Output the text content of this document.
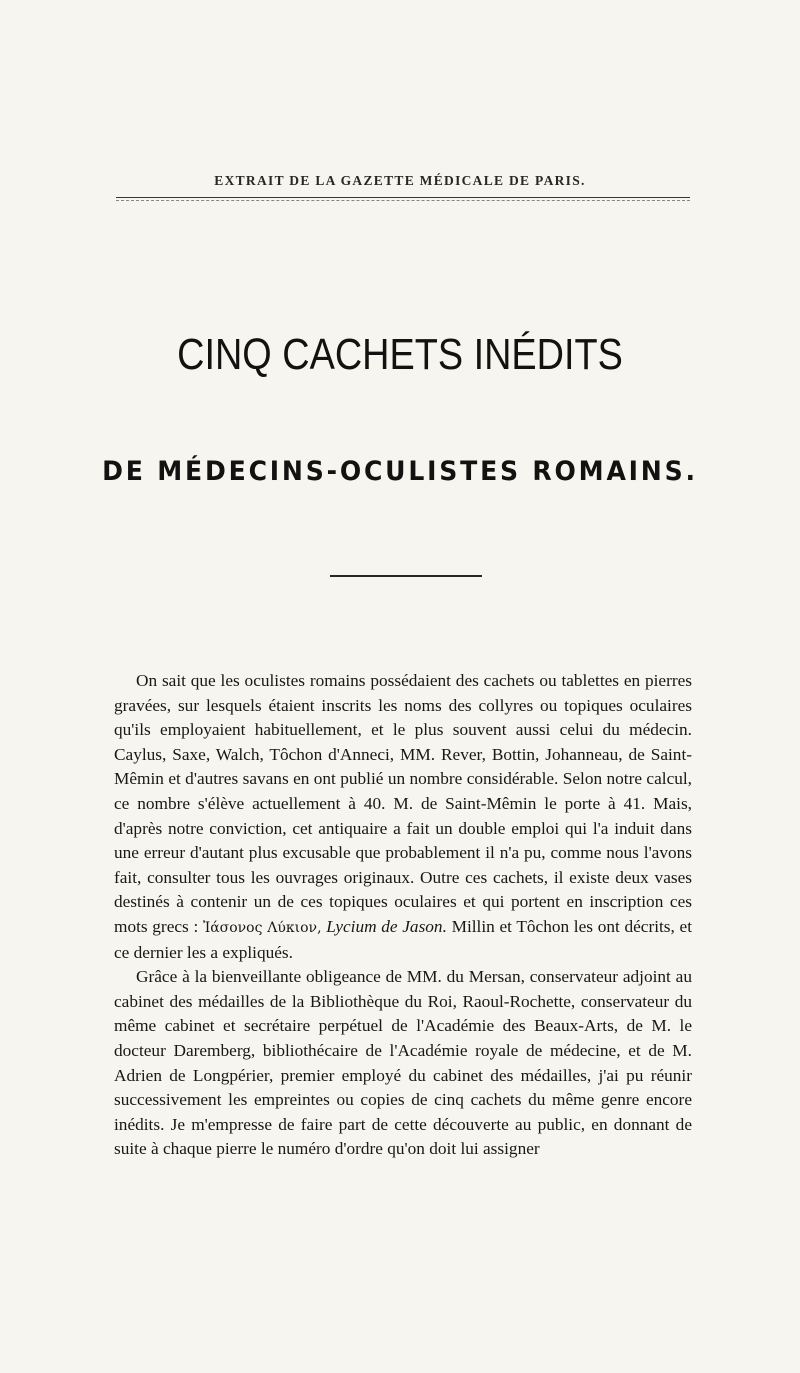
EXTRAIT DE LA GAZETTE MÉDICALE DE PARIS.
CINQ CACHETS INÉDITS
DE MÉDECINS-OCULISTES ROMAINS.

On sait que les oculistes romains possédaient des cachets ou tablettes en pierres gravées, sur lesquels étaient inscrits les noms des collyres ou topiques oculaires qu'ils employaient habituellement, et le plus souvent aussi celui du médecin. Caylus, Saxe, Walch, Tôchon d'Anneci, MM. Rever, Bottin, Johanneau, de Saint-Mêmin et d'autres savans en ont publié un nombre considérable. Selon notre calcul, ce nombre s'élève actuellement à 40. M. de Saint-Mêmin le porte à 41. Mais, d'après notre conviction, cet antiquaire a fait un double emploi qui l'a induit dans une erreur d'autant plus excusable que probablement il n'a pu, comme nous l'avons fait, consulter tous les ouvrages originaux. Outre ces cachets, il existe deux vases destinés à contenir un de ces topiques oculaires et qui portent en inscription ces mots grecs : Ἰάσονος Λύκιον, Lycium de Jason. Millin et Tôchon les ont décrits, et ce dernier les a expliqués.

Grâce à la bienveillante obligeance de MM. du Mersan, conservateur adjoint au cabinet des médailles de la Bibliothèque du Roi, Raoul-Rochette, conservateur du même cabinet et secrétaire perpétuel de l'Académie des Beaux-Arts, de M. le docteur Daremberg, bibliothécaire de l'Académie royale de médecine, et de M. Adrien de Longpérier, premier employé du cabinet des médailles, j'ai pu réunir successivement les empreintes ou copies de cinq cachets du même genre encore inédits. Je m'empresse de faire part de cette découverte au public, en donnant de suite à chaque pierre le numéro d'ordre qu'on doit lui assigner
